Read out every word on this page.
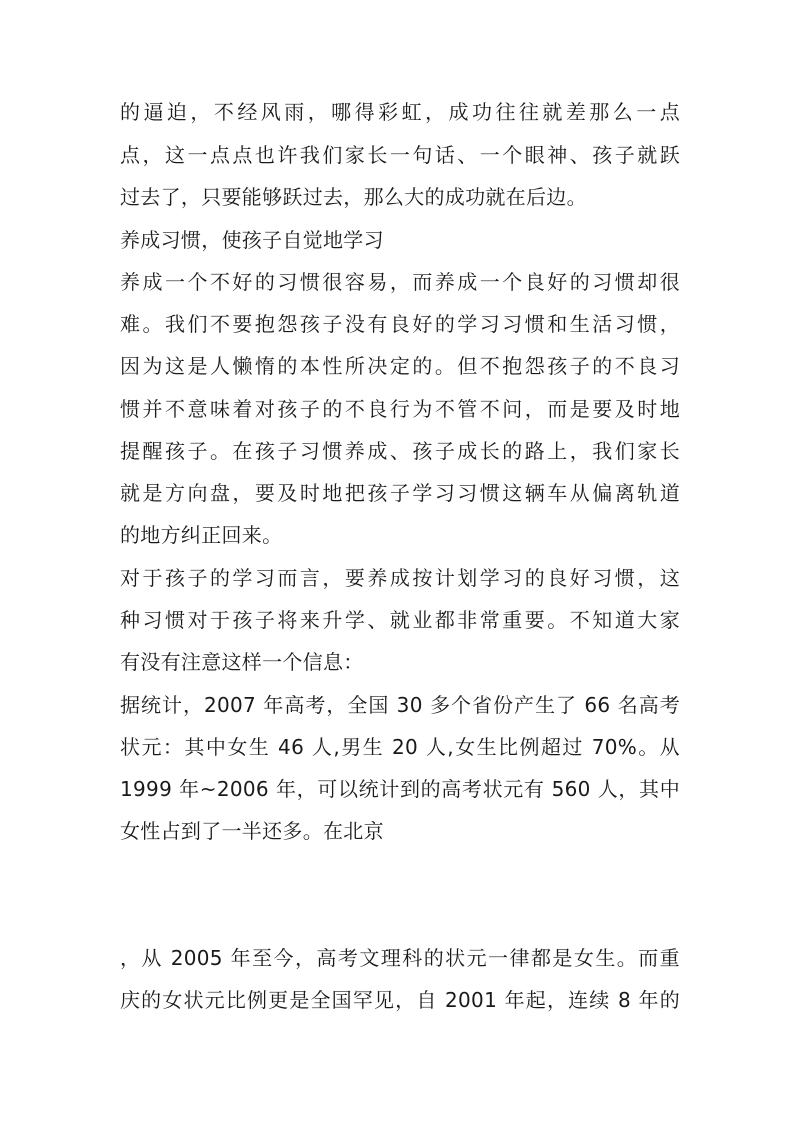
的逼迫，不经风雨，哪得彩虹，成功往往就差那么一点
点，这一点点也许我们家长一句话、一个眼神、孩子就跃
过去了，只要能够跃过去，那么大的成功就在后边。
养成习惯，使孩子自觉地学习
养成一个不好的习惯很容易，而养成一个良好的习惯却很
难。我们不要抱怨孩子没有良好的学习习惯和生活习惯，
因为这是人懒惰的本性所决定的。但不抱怨孩子的不良习
惯并不意味着对孩子的不良行为不管不问，而是要及时地
提醒孩子。在孩子习惯养成、孩子成长的路上，我们家长
就是方向盘，要及时地把孩子学习习惯这辆车从偏离轨道
的地方纠正回来。
对于孩子的学习而言，要养成按计划学习的良好习惯，这
种习惯对于孩子将来升学、就业都非常重要。不知道大家
有没有注意这样一个信息：
据统计，2007 年高考，全国 30 多个省份产生了 66 名高考
状元：其中女生 46 人,男生 20 人,女生比例超过 70%。从
1999 年~2006 年，可以统计到的高考状元有 560 人，其中
女性占到了一半还多。在北京
，从 2005 年至今，高考文理科的状元一律都是女生。而重
庆的女状元比例更是全国罕见，自 2001 年起，连续 8 年的
